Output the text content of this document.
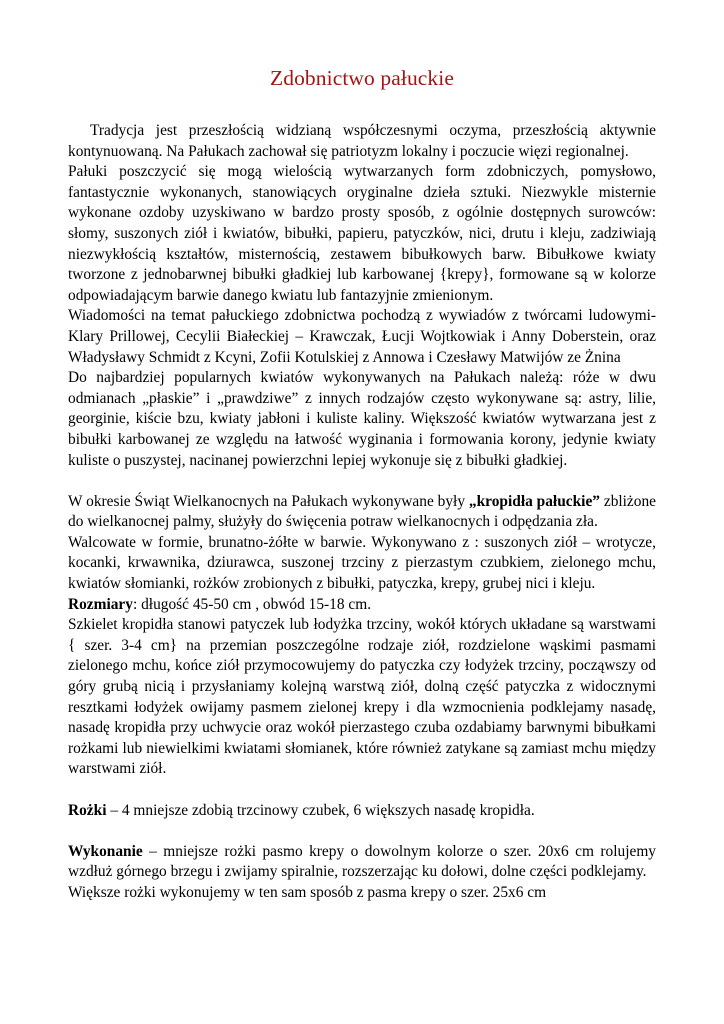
Zdobnictwo pałuckie

Tradycja jest przeszłością widzianą współczesnymi oczyma, przeszłością aktywnie kontynuowaną. Na Pałukach zachował się patriotyzm lokalny i poczucie więzi regionalnej.

Pałuki poszczycić się mogą wielością wytwarzanych form zdobniczych, pomysłowo, fantastycznie wykonanych, stanowiących oryginalne dzieła sztuki. Niezwykle misternie wykonane ozdoby uzyskiwano w bardzo prosty sposób, z ogólnie dostępnych surowców: słomy, suszonych ziół i kwiatów, bibułki, papieru, patyczków, nici, drutu i kleju, zadziwiają niezwykłością kształtów, misternością, zestawem bibułkowych barw. Bibułkowe kwiaty tworzone z jednobarwnej bibułki gładkiej lub karbowanej {krepy}, formowane są w kolorze odpowiadającym barwie danego kwiatu lub fantazyjnie zmienionym.

Wiadomości na temat pałuckiego zdobnictwa pochodzą z wywiadów z twórcami ludowymi- Klary Prillowej, Cecylii Białeckiej – Krawczak, Łucji Wojtkowiak i Anny Doberstein, oraz Władysławy Schmidt z Kcyni, Zofii Kotulskiej z Annowa i Czesławy Matwijów ze Żnina

Do najbardziej popularnych kwiatów wykonywanych na Pałukach należą: róże w dwu odmianach „płaskie” i „prawdziwe” z innych rodzajów często wykonywane są: astry, lilie, georginie, kiście bzu, kwiaty jabłoni i kuliste kaliny. Większość kwiatów wytwarzana jest z bibułki karbowanej ze względu na łatwość wyginania i formowania korony, jedynie kwiaty kuliste o puszystej, nacinanej powierzchni lepiej wykonuje się z bibułki gładkiej.

W okresie Świąt Wielkanocnych na Pałukach wykonywane były „kropidła pałuckie” zbliżone do wielkanocnej palmy, służyły do święcenia potraw wielkanocnych i odpędzania zła.

Walcowate w formie, brunatno-żółte w barwie. Wykonywano z : suszonych ziół – wrotycze, kocanki, krwawnika, dziurawca, suszonej trzciny z pierzastym czubkiem, zielonego mchu, kwiatów słomianki, rożków zrobionych z bibułki, patyczka, krepy, grubej nici i kleju.

Rozmiary: długość 45-50 cm , obwód 15-18 cm.

Szkielet kropidła stanowi patyczek lub łodyżka trzciny, wokół których układane są warstwami { szer. 3-4 cm} na przemian poszczególne rodzaje ziół, rozdzielone wąskimi pasmami zielonego mchu, końce ziół przymocowujemy do patyczka czy łodyżek trzciny, począwszy od góry grubą nicią i przysłaniamy kolejną warstwą ziół, dolną część patyczka z widocznymi resztkami łodyżek owijamy pasmem zielonej krepy i dla wzmocnienia podklejamy nasadę, nasadę kropidła przy uchwycie oraz wokół pierzastego czuba ozdabiamy barwnymi bibułkami rożkami lub niewielkimi kwiatami słomianek, które również zatykane są zamiast mchu między warstwami ziół.

Rożki – 4 mniejsze zdobią trzcinowy czubek, 6 większych nasadę kropidła.

Wykonanie – mniejsze rożki pasmo krepy o dowolnym kolorze o szer. 20x6 cm rolujemy wzdłuż górnego brzegu i zwijamy spiralnie, rozszerzając ku dołowi, dolne części podklejamy.

Większe rożki wykonujemy w ten sam sposób z pasma krepy o szer. 25x6 cm
